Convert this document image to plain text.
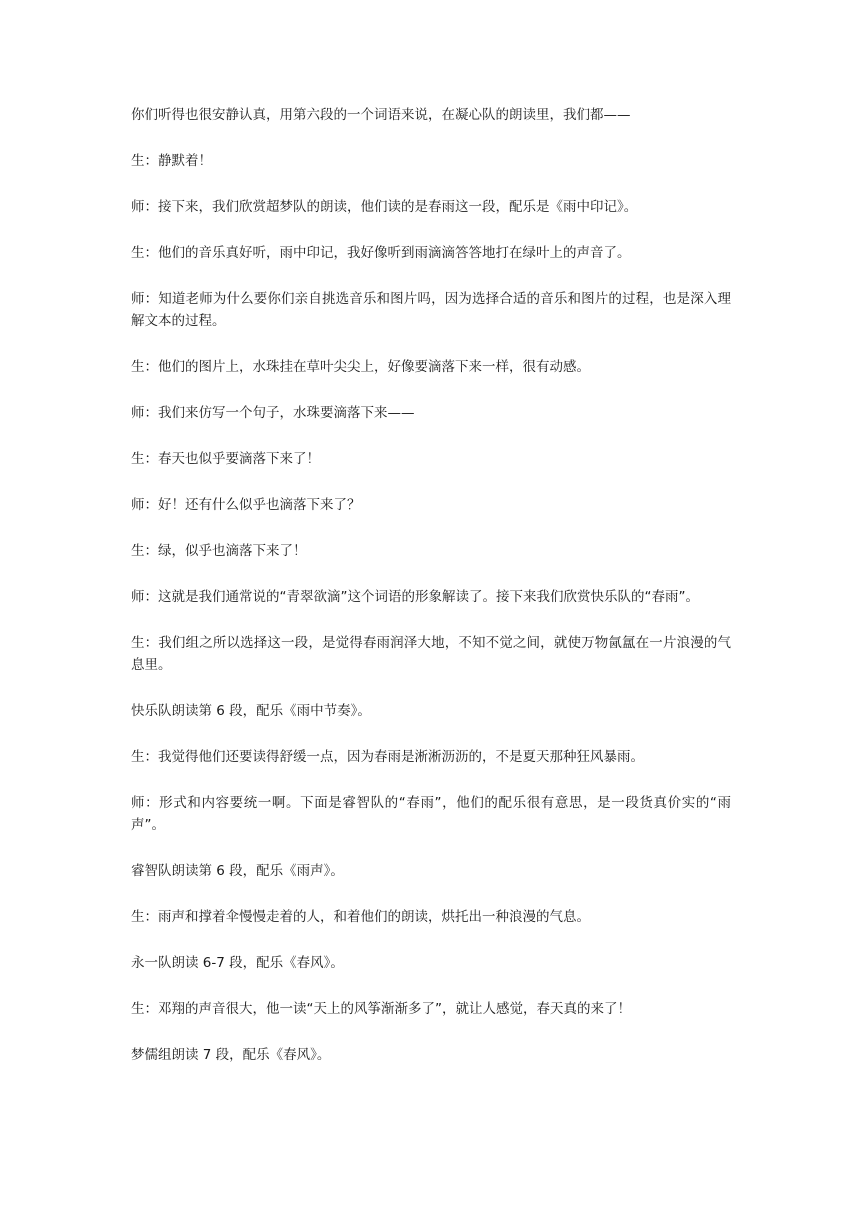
你们听得也很安静认真，用第六段的一个词语来说，在凝心队的朗读里，我们都——

生：静默着！

师：接下来，我们欣赏超梦队的朗读，他们读的是春雨这一段，配乐是《雨中印记》。

生：他们的音乐真好听，雨中印记，我好像听到雨滴滴答答地打在绿叶上的声音了。

师：知道老师为什么要你们亲自挑选音乐和图片吗，因为选择合适的音乐和图片的过程，也是深入理解文本的过程。

生：他们的图片上，水珠挂在草叶尖尖上，好像要滴落下来一样，很有动感。

师：我们来仿写一个句子，水珠要滴落下来——

生：春天也似乎要滴落下来了！

师：好！还有什么似乎也滴落下来了？

生：绿，似乎也滴落下来了！

师：这就是我们通常说的“青翠欲滴”这个词语的形象解读了。接下来我们欣赏快乐队的“春雨”。

生：我们组之所以选择这一段，是觉得春雨润泽大地，不知不觉之间，就使万物氤氲在一片浪漫的气息里。

快乐队朗读第 6 段，配乐《雨中节奏》。

生：我觉得他们还要读得舒缓一点，因为春雨是淅淅沥沥的，不是夏天那种狂风暴雨。

师：形式和内容要统一啊。下面是睿智队的“春雨”，他们的配乐很有意思，是一段货真价实的“雨声”。

睿智队朗读第 6 段，配乐《雨声》。

生：雨声和撑着伞慢慢走着的人，和着他们的朗读，烘托出一种浪漫的气息。

永一队朗读 6-7 段，配乐《春风》。

生：邓翔的声音很大，他一读“天上的风筝渐渐多了”，就让人感觉，春天真的来了！

梦儒组朗读 7 段，配乐《春风》。
